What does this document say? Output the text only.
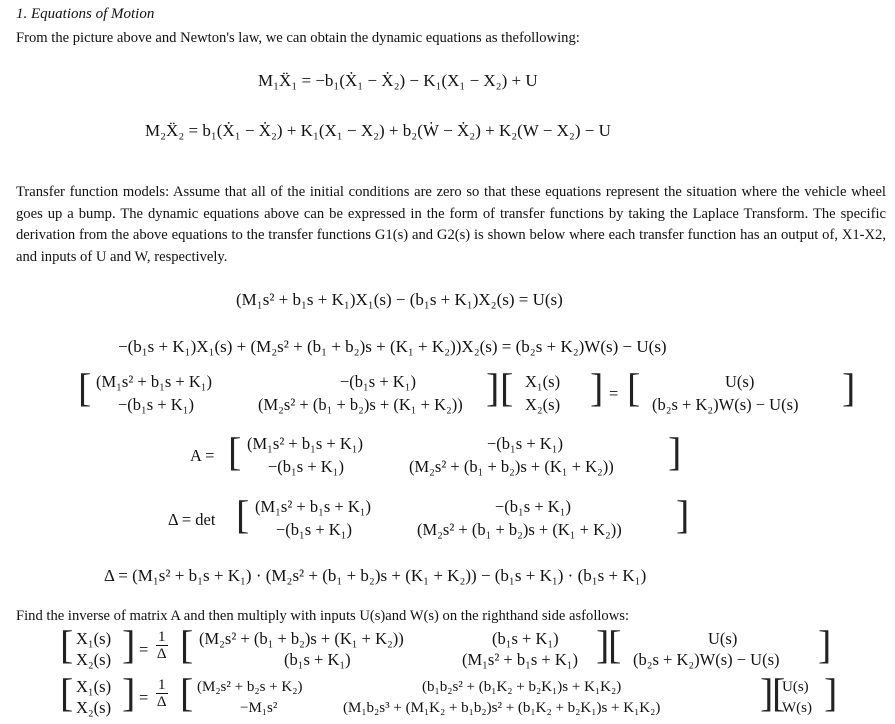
1. Equations of Motion
From the picture above and Newton's law, we can obtain the dynamic equations as thefollowing:
M₁Ẍ₁ = −b₁(Ẋ₁ − Ẋ₂) − K₁(X₁ − X₂) + U
M₂Ẍ₂ = b₁(Ẋ₁ − Ẋ₂) + K₁(X₁ − X₂) + b₂(Ẇ − Ẋ₂) + K₂(W − X₂) − U
Transfer function models: Assume that all of the initial conditions are zero so that these equations represent the situation where the vehicle wheel goes up a bump. The dynamic equations above can be expressed in the form of transfer functions by taking the Laplace Transform. The specific derivation from the above equations to the transfer functions G1(s) and G2(s) is shown below where each transfer function has an output of, X1-X2, and inputs of U and W, respectively.
(M₁s² + b₁s + K₁)X₁(s) − (b₁s + K₁)X₂(s) = U(s)
−(b₁s + K₁)X₁(s) + (M₂s² + (b₁ + b₂)s + (K₁ + K₂))X₂(s) = (b₂s + K₂)W(s) − U(s)
[ (M₁s² + b₁s + K₁)	−(b₁s + K₁)
−(b₁s + K₁)	(M₂s² + (b₁ + b₂)s + (K₁ + K₂)) ] [ X₁(s)
X₂(s) ] = [	U(s)
(b₂s + K₂)W(s) − U(s) ]
A = [ (M₁s² + b₁s + K₁)	−(b₁s + K₁)
−(b₁s + K₁)	(M₂s² + (b₁ + b₂)s + (K₁ + K₂)) ]
Δ = det [ (M₁s² + b₁s + K₁)	−(b₁s + K₁)
−(b₁s + K₁)	(M₂s² + (b₁ + b₂)s + (K₁ + K₂)) ]
Δ = (M₁s² + b₁s + K₁) · (M₂s² + (b₁ + b₂)s + (K₁ + K₂)) − (b₁s + K₁) · (b₁s + K₁)
Find the inverse of matrix A and then multiply with inputs U(s)and W(s) on the righthand side asfollows:
[ X₁(s)
X₂(s) ] = $\frac{1}{\Delta}$ [ (M₂s² + (b₁ + b₂)s + (K₁ + K₂))	(b₁s + K₁)
(b₁s + K₁)	(M₁s² + b₁s + K₁) ]
[	U(s)
(b₂s + K₂)W(s) − U(s) ]
[ X₁(s)
X₂(s) ] = $\frac{1}{\Delta}$ [ (M₂s² + b₂s + K₂)	(b₁b₂s² + (b₁K₂ + b₂K₁)s + K₁K₂)
−M₁s²	(M₁b₂s³ + (M₁K₂ + b₁b₂)s² + (b₁K₂ + b₂K₁)s + K₁K₂) ]
[
U(s)
W(s) ]
